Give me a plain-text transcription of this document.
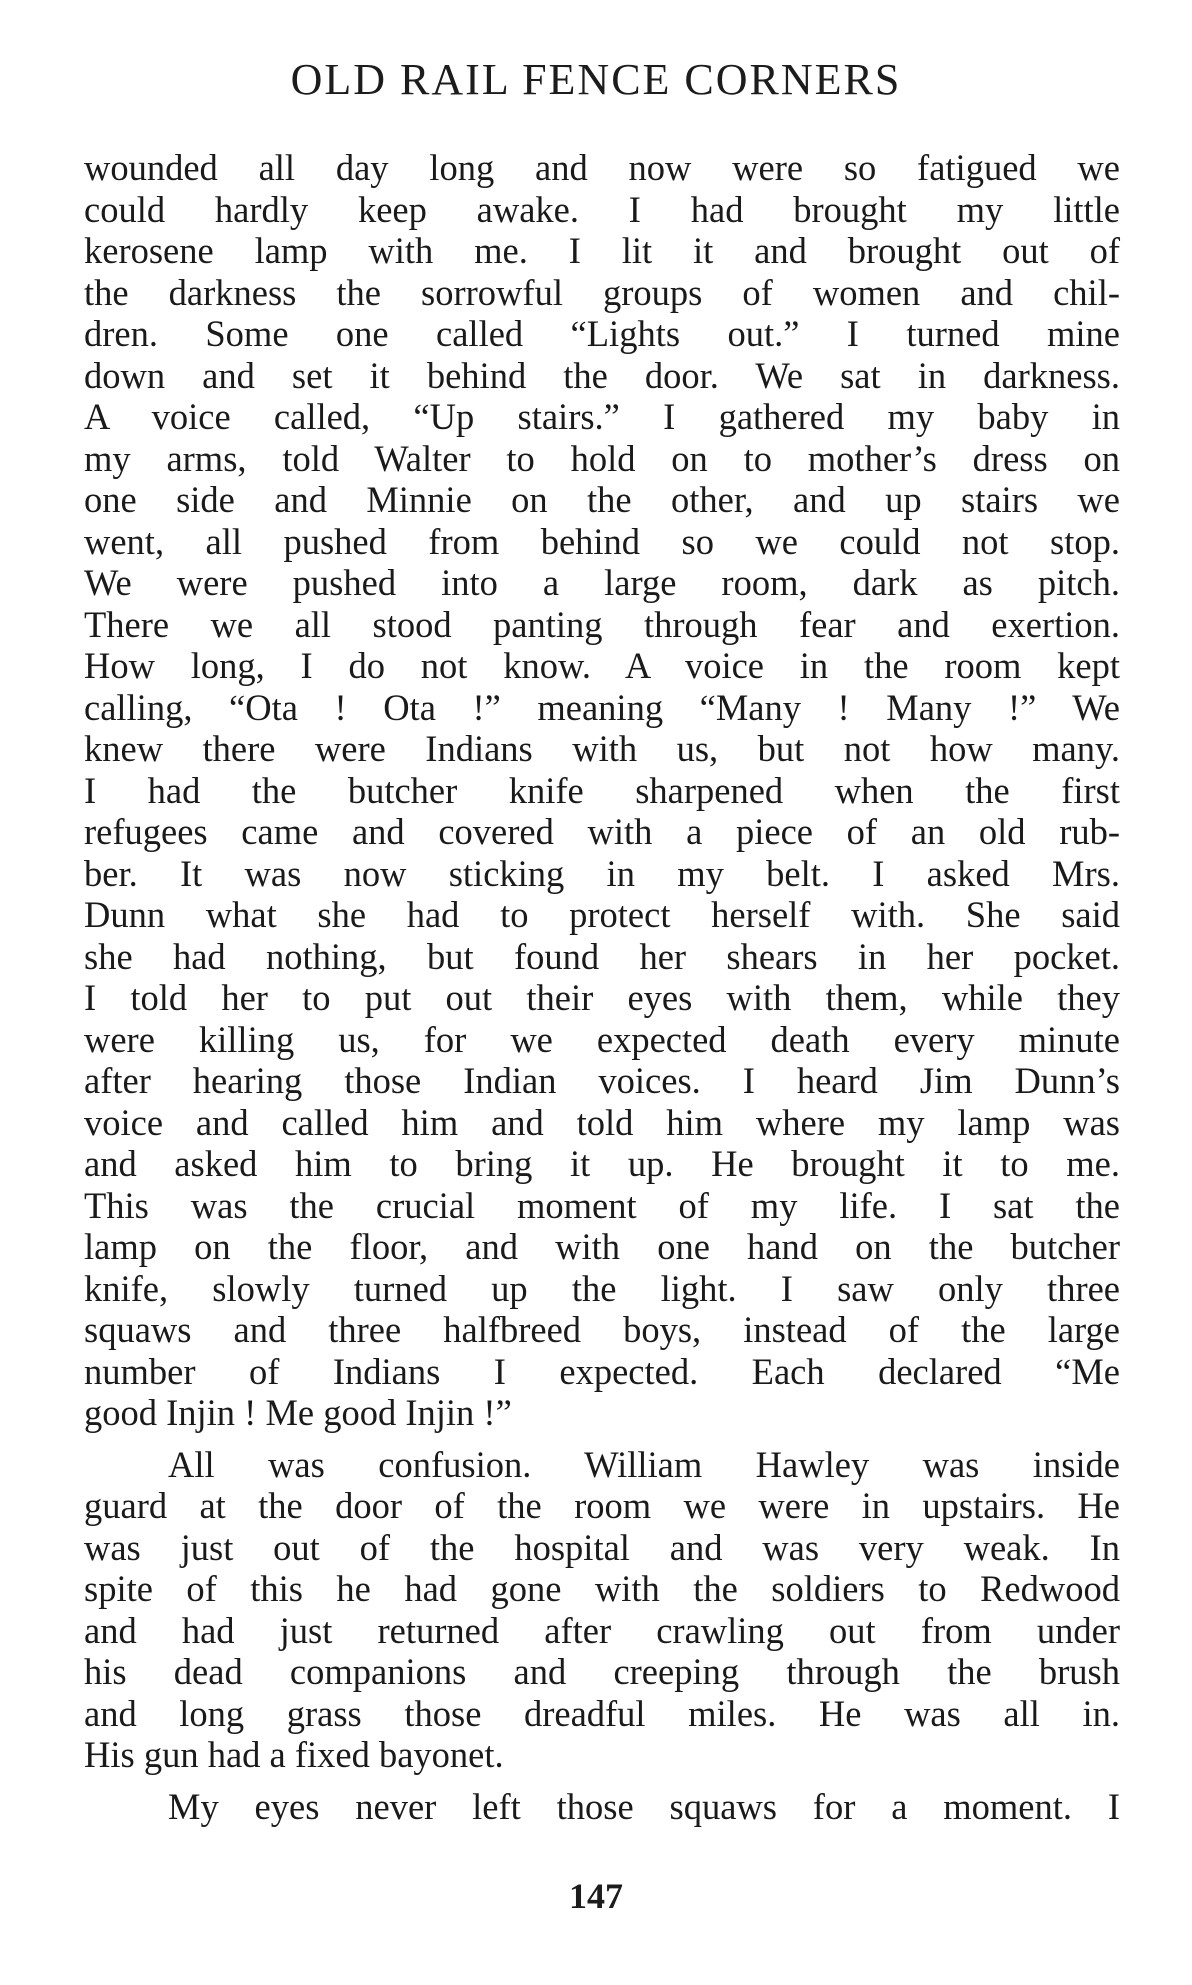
OLD RAIL FENCE CORNERS
wounded all day long and now were so fatigued we
could hardly keep awake. I had brought my little
kerosene lamp with me. I lit it and brought out of
the darkness the sorrowful groups of women and chil-
dren. Some one called “Lights out.” I turned mine
down and set it behind the door. We sat in darkness.
A voice called, “Up stairs.” I gathered my baby in
my arms, told Walter to hold on to mother’s dress on
one side and Minnie on the other, and up stairs we
went, all pushed from behind so we could not stop.
We were pushed into a large room, dark as pitch.
There we all stood panting through fear and exertion.
How long, I do not know. A voice in the room kept
calling, “Ota ! Ota !” meaning “Many ! Many !” We
knew there were Indians with us, but not how many.
I had the butcher knife sharpened when the first
refugees came and covered with a piece of an old rub-
ber. It was now sticking in my belt. I asked Mrs.
Dunn what she had to protect herself with. She said
she had nothing, but found her shears in her pocket.
I told her to put out their eyes with them, while they
were killing us, for we expected death every minute
after hearing those Indian voices. I heard Jim Dunn’s
voice and called him and told him where my lamp was
and asked him to bring it up. He brought it to me.
This was the crucial moment of my life. I sat the
lamp on the floor, and with one hand on the butcher
knife, slowly turned up the light. I saw only three
squaws and three halfbreed boys, instead of the large
number of Indians I expected. Each declared “Me
good Injin ! Me good Injin !”
All was confusion. William Hawley was inside
guard at the door of the room we were in upstairs. He
was just out of the hospital and was very weak. In
spite of this he had gone with the soldiers to Redwood
and had just returned after crawling out from under
his dead companions and creeping through the brush
and long grass those dreadful miles. He was all in.
His gun had a fixed bayonet.
My eyes never left those squaws for a moment. I
147
